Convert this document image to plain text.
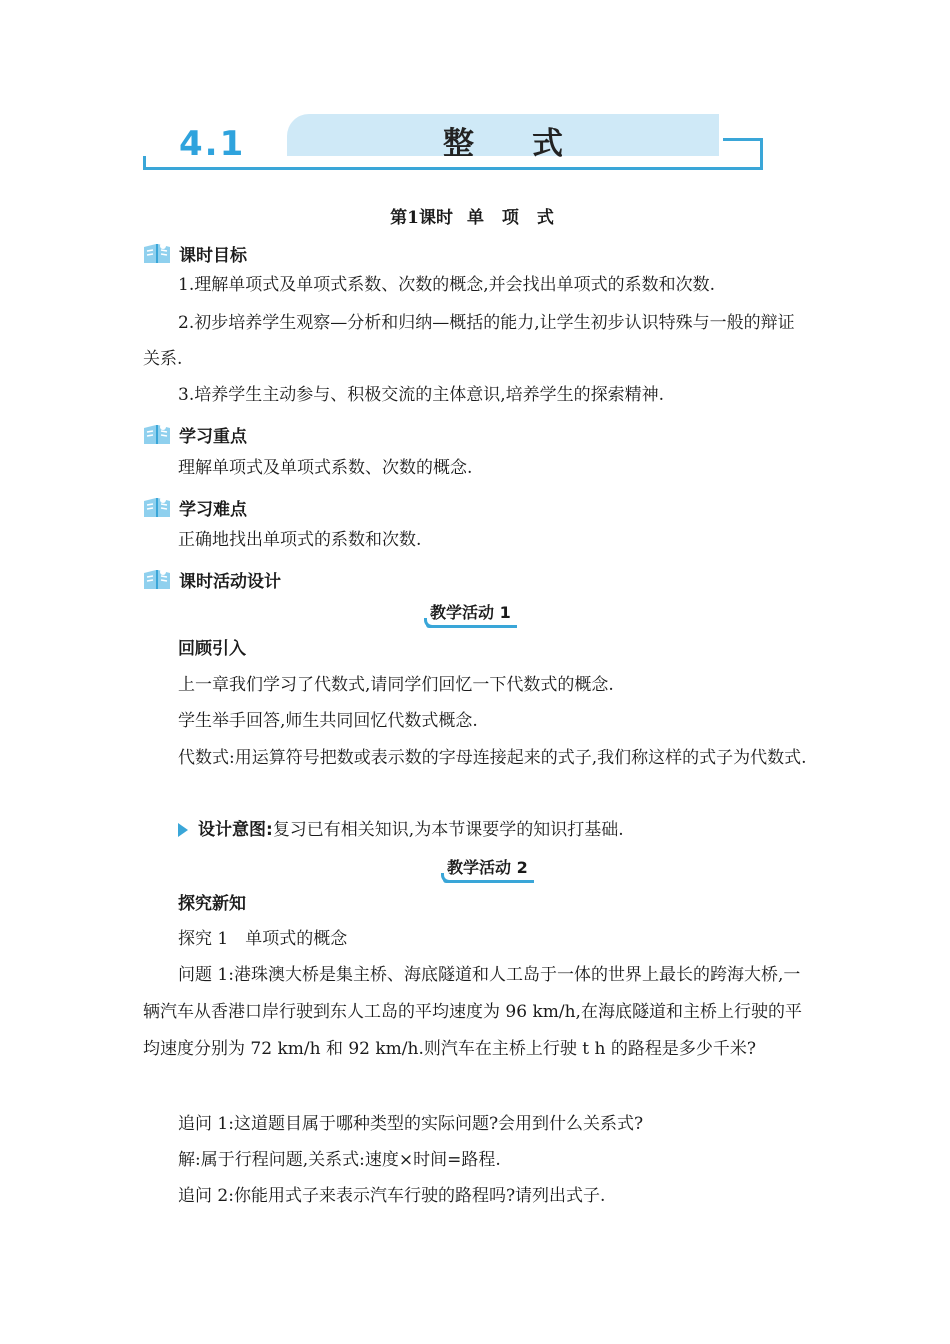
4.1	整式
第1课时 单 项 式
课时目标
1.理解单项式及单项式系数、次数的概念,并会找出单项式的系数和次数.
2.初步培养学生观察—分析和归纳—概括的能力,让学生初步认识特殊与一般的辩证关系.
3.培养学生主动参与、积极交流的主体意识,培养学生的探索精神.
学习重点
理解单项式及单项式系数、次数的概念.
学习难点
正确地找出单项式的系数和次数.
课时活动设计
教学活动 1
回顾引入
上一章我们学习了代数式,请同学们回忆一下代数式的概念.
学生举手回答,师生共同回忆代数式概念.
代数式:用运算符号把数或表示数的字母连接起来的式子,我们称这样的式子为代数式.
设计意图: 复习已有相关知识,为本节课要学的知识打基础.
教学活动 2
探究新知
探究 1　单项式的概念
问题 1:港珠澳大桥是集主桥、海底隧道和人工岛于一体的世界上最长的跨海大桥,一辆汽车从香港口岸行驶到东人工岛的平均速度为 96 km/h,在海底隧道和主桥上行驶的平均速度分别为 72 km/h 和 92 km/h.则汽车在主桥上行驶 t h 的路程是多少千米?
追问 1:这道题目属于哪种类型的实际问题?会用到什么关系式?
解:属于行程问题,关系式:速度×时间=路程.
追问 2:你能用式子来表示汽车行驶的路程吗?请列出式子.
